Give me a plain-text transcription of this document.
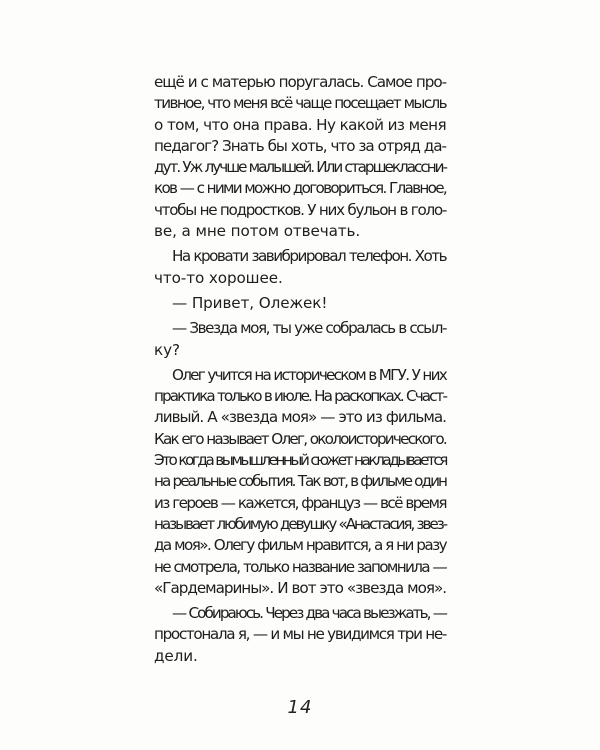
ещё и с матерью поругалась. Самое про-
тивное, что меня всё чаще посещает мысль
о том, что она права. Ну какой из меня
педагог? Знать бы хоть, что за отряд да-
дут. Уж лучше малышей. Или старшеклассни-
ков — с ними можно договориться. Главное,
чтобы не подростков. У них бульон в голо-
ве, а мне потом отвечать.
На кровати завибрировал телефон. Хоть
что-то хорошее.
— Привет, Олежек!
— Звезда моя, ты уже собралась в ссыл-
ку?
Олег учится на историческом в МГУ. У них
практика только в июле. На раскопках. Счаст-
ливый. А «звезда моя» — это из фильма.
Как его называет Олег, околоисторического.
Это когда вымышленный сюжет накладывается
на реальные события. Так вот, в фильме один
из героев — кажется, француз — всё время
называет любимую девушку «Анастасия, звез-
да моя». Олегу фильм нравится, а я ни разу
не смотрела, только название запомнила —
«Гардемарины». И вот это «звезда моя».
— Собираюсь. Через два часа выезжать, —
простонала я, — и мы не увидимся три не-
дели.
14
